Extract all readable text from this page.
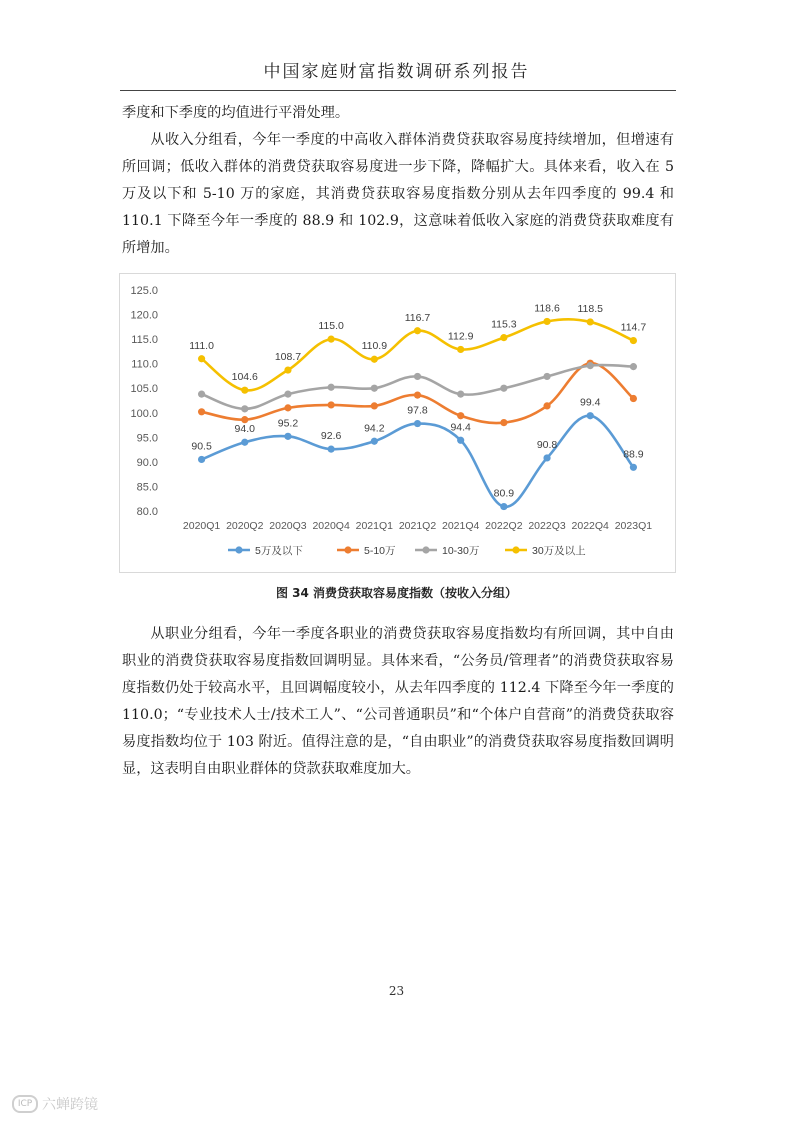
中国家庭财富指数调研系列报告
季度和下季度的均值进行平滑处理。
从收入分组看，今年一季度的中高收入群体消费贷获取容易度持续增加，但增速有所回调；低收入群体的消费贷获取容易度进一步下降，降幅扩大。具体来看，收入在 5 万及以下和 5-10 万的家庭，其消费贷获取容易度指数分别从去年四季度的 99.4 和 110.1 下降至今年一季度的 88.9 和 102.9，这意味着低收入家庭的消费贷获取难度有所增加。
80.0
85.0
90.0
95.0
100.0
105.0
110.0
115.0
120.0
125.0
2020Q1 2020Q2 2020Q3 2020Q4 2021Q1 2021Q2 2021Q4 2022Q2 2022Q3 2022Q4 2023Q1
90.5
94.0 95.2
92.6
94.2
97.8
94.4
80.9
90.8
99.4
88.9
111.0
104.6
108.7
115.0
110.9
116.7
112.9
115.3
118.6 118.5
114.7
5万及以下	5-10万	10-30万	30万及以上
图 34 消费贷获取容易度指数（按收入分组）
从职业分组看，今年一季度各职业的消费贷获取容易度指数均有所回调，其中自由职业的消费贷获取容易度指数回调明显。具体来看，“公务员/管理者”的消费贷获取容易度指数仍处于较高水平，且回调幅度较小，从去年四季度的 112.4 下降至今年一季度的 110.0；“专业技术人士/技术工人”、“公司普通职员”和“个体户自营商”的消费贷获取容易度指数均位于 103 附近。值得注意的是，“自由职业”的消费贷获取容易度指数回调明显，这表明自由职业群体的贷款获取难度加大。
23
ICP 六蝉跨镜
